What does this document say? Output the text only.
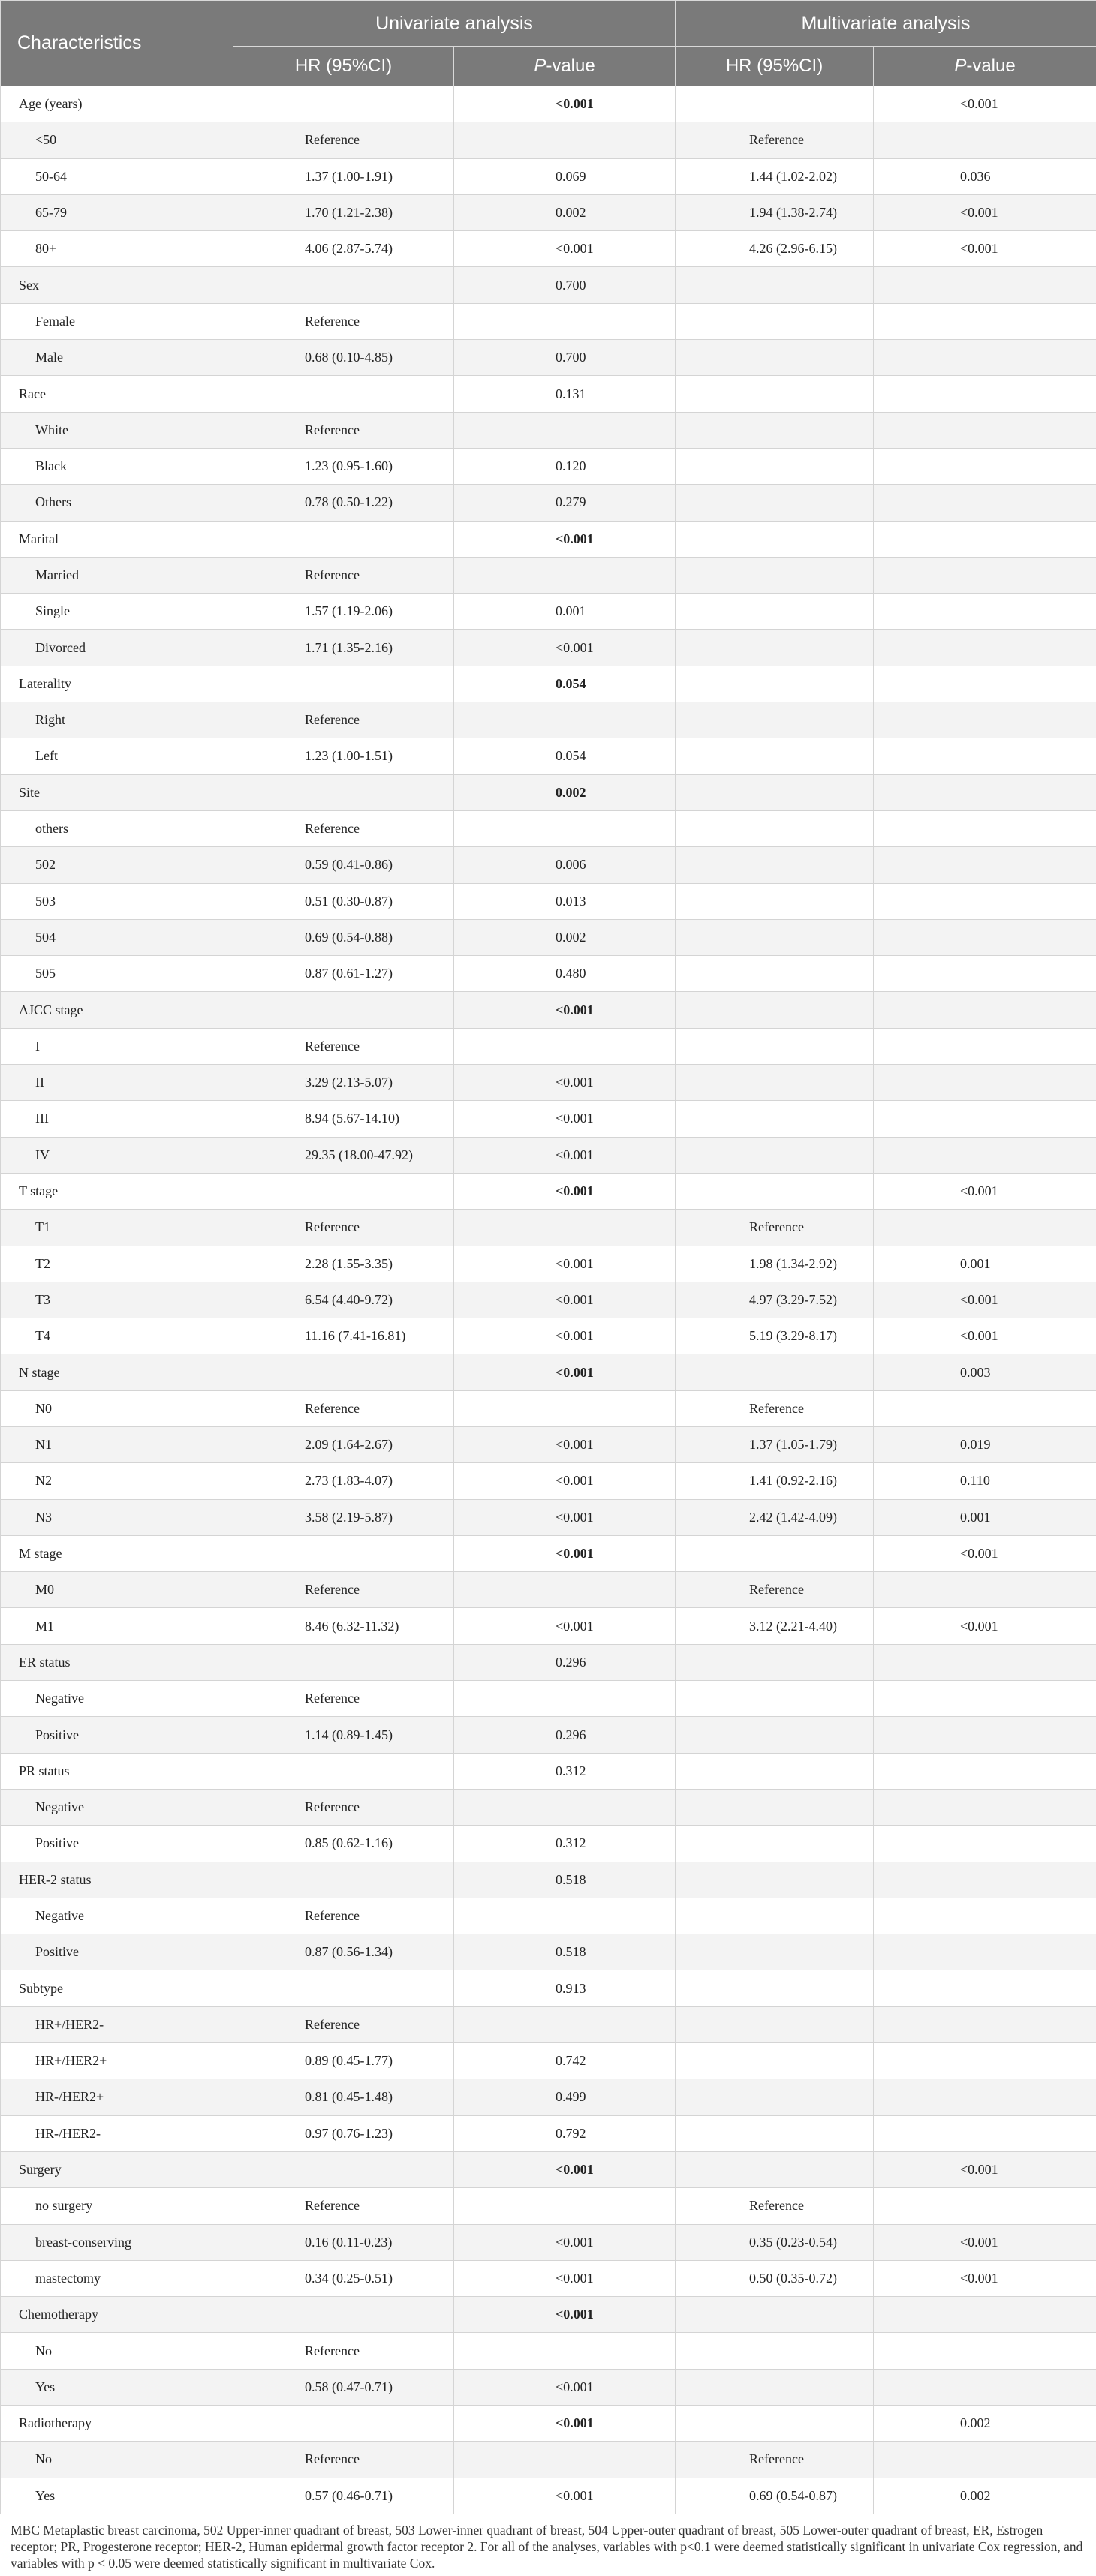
Characteristics	Univariate analysis		Multivariate analysis	
	HR (95%CI)	P-value	HR (95%CI)	P-value
Age (years)		<0.001		<0.001
<50	Reference		Reference	
50-64	1.37 (1.00-1.91)	0.069	1.44 (1.02-2.02)	0.036
65-79	1.70 (1.21-2.38)	0.002	1.94 (1.38-2.74)	<0.001
80+	4.06 (2.87-5.74)	<0.001	4.26 (2.96-6.15)	<0.001
Sex		0.700		
Female	Reference			
Male	0.68 (0.10-4.85)	0.700		
Race		0.131		
White	Reference			
Black	1.23 (0.95-1.60)	0.120		
Others	0.78 (0.50-1.22)	0.279		
Marital		<0.001		
Married	Reference			
Single	1.57 (1.19-2.06)	0.001		
Divorced	1.71 (1.35-2.16)	<0.001		
Laterality		0.054		
Right	Reference			
Left	1.23 (1.00-1.51)	0.054		
Site		0.002		
others	Reference			
502	0.59 (0.41-0.86)	0.006		
503	0.51 (0.30-0.87)	0.013		
504	0.69 (0.54-0.88)	0.002		
505	0.87 (0.61-1.27)	0.480		
AJCC stage		<0.001		
I	Reference			
II	3.29 (2.13-5.07)	<0.001		
III	8.94 (5.67-14.10)	<0.001		
IV	29.35 (18.00-47.92)	<0.001		
T stage		<0.001		<0.001
T1	Reference		Reference	
T2	2.28 (1.55-3.35)	<0.001	1.98 (1.34-2.92)	0.001
T3	6.54 (4.40-9.72)	<0.001	4.97 (3.29-7.52)	<0.001
T4	11.16 (7.41-16.81)	<0.001	5.19 (3.29-8.17)	<0.001
N stage		<0.001		0.003
N0	Reference		Reference	
N1	2.09 (1.64-2.67)	<0.001	1.37 (1.05-1.79)	0.019
N2	2.73 (1.83-4.07)	<0.001	1.41 (0.92-2.16)	0.110
N3	3.58 (2.19-5.87)	<0.001	2.42 (1.42-4.09)	0.001
M stage		<0.001		<0.001
M0	Reference		Reference	
M1	8.46 (6.32-11.32)	<0.001	3.12 (2.21-4.40)	<0.001
ER status		0.296		
Negative	Reference			
Positive	1.14 (0.89-1.45)	0.296		
PR status		0.312		
Negative	Reference			
Positive	0.85 (0.62-1.16)	0.312		
HER-2 status		0.518		
Negative	Reference			
Positive	0.87 (0.56-1.34)	0.518		
Subtype		0.913		
HR+/HER2-	Reference			
HR+/HER2+	0.89 (0.45-1.77)	0.742		
HR-/HER2+	0.81 (0.45-1.48)	0.499		
HR-/HER2-	0.97 (0.76-1.23)	0.792		
Surgery		<0.001		<0.001
no surgery	Reference		Reference	
breast-conserving	0.16 (0.11-0.23)	<0.001	0.35 (0.23-0.54)	<0.001
mastectomy	0.34 (0.25-0.51)	<0.001	0.50 (0.35-0.72)	<0.001
Chemotherapy		<0.001		
No	Reference			
Yes	0.58 (0.47-0.71)	<0.001		
Radiotherapy		<0.001		0.002
No	Reference		Reference	
Yes	0.57 (0.46-0.71)	<0.001	0.69 (0.54-0.87)	0.002
MBC Metaplastic breast carcinoma, 502 Upper-inner quadrant of breast, 503 Lower-inner quadrant of breast, 504 Upper-outer quadrant of breast, 505 Lower-outer quadrant of breast, ER, Estrogen receptor; PR, Progesterone receptor; HER-2, Human epidermal growth factor receptor 2. For all of the analyses, variables with p<0.1 were deemed statistically significant in univariate Cox regression, and variables with p < 0.05 were deemed statistically significant in multivariate Cox.
